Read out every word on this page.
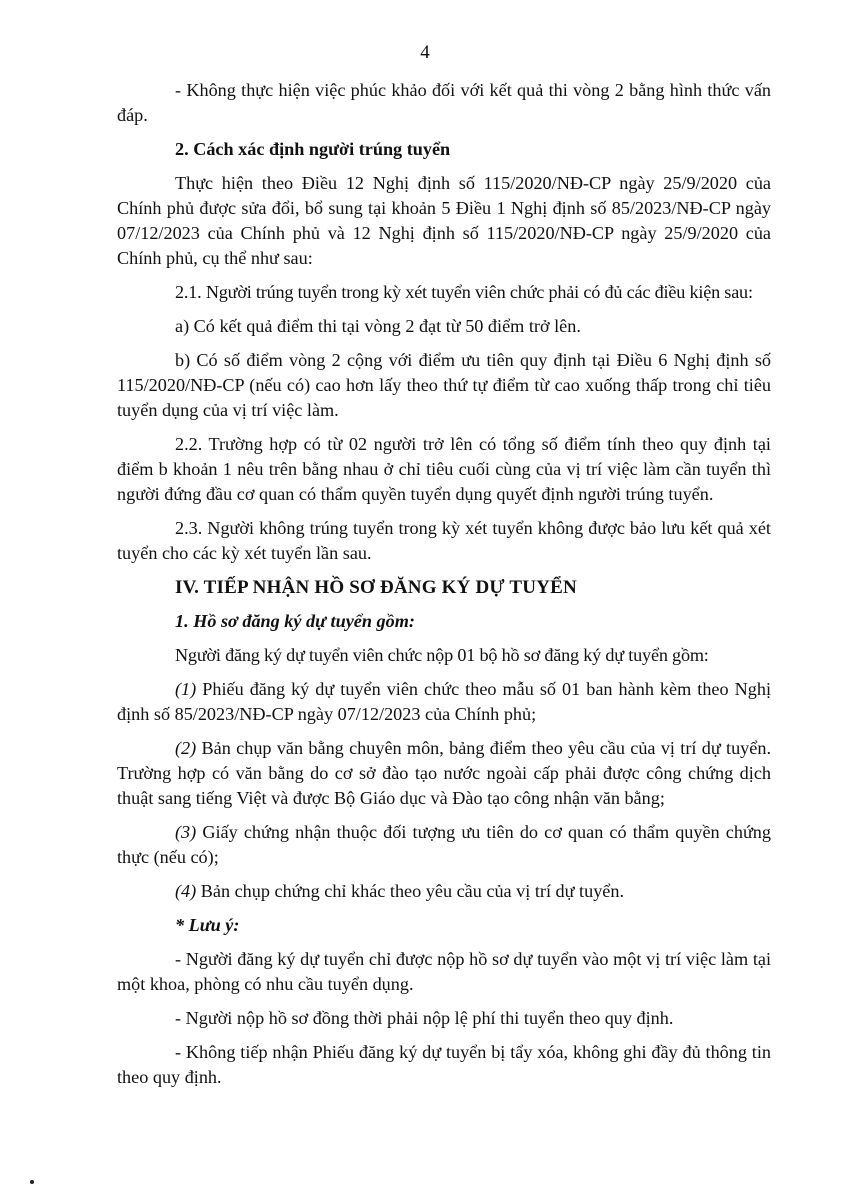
4

- Không thực hiện việc phúc khảo đối với kết quả thi vòng 2 bằng hình thức vấn đáp.

2. Cách xác định người trúng tuyển

Thực hiện theo Điều 12 Nghị định số 115/2020/NĐ-CP ngày 25/9/2020 của Chính phủ được sửa đổi, bổ sung tại khoản 5 Điều 1 Nghị định số 85/2023/NĐ-CP ngày 07/12/2023 của Chính phủ và 12 Nghị định số 115/2020/NĐ-CP ngày 25/9/2020 của Chính phủ, cụ thể như sau:

2.1. Người trúng tuyển trong kỳ xét tuyển viên chức phải có đủ các điều kiện sau:

a) Có kết quả điểm thi tại vòng 2 đạt từ 50 điểm trở lên.

b) Có số điểm vòng 2 cộng với điểm ưu tiên quy định tại Điều 6 Nghị định số 115/2020/NĐ-CP (nếu có) cao hơn lấy theo thứ tự điểm từ cao xuống thấp trong chỉ tiêu tuyển dụng của vị trí việc làm.

2.2. Trường hợp có từ 02 người trở lên có tổng số điểm tính theo quy định tại điểm b khoản 1 nêu trên bằng nhau ở chỉ tiêu cuối cùng của vị trí việc làm cần tuyển thì người đứng đầu cơ quan có thẩm quyền tuyển dụng quyết định người trúng tuyển.

2.3. Người không trúng tuyển trong kỳ xét tuyển không được bảo lưu kết quả xét tuyển cho các kỳ xét tuyển lần sau.

IV. TIẾP NHẬN HỒ SƠ ĐĂNG KÝ DỰ TUYỂN

1. Hồ sơ đăng ký dự tuyển gồm:

Người đăng ký dự tuyển viên chức nộp 01 bộ hồ sơ đăng ký dự tuyển gồm:

(1) Phiếu đăng ký dự tuyển viên chức theo mẫu số 01 ban hành kèm theo Nghị định số 85/2023/NĐ-CP ngày 07/12/2023 của Chính phủ;

(2) Bản chụp văn bằng chuyên môn, bảng điểm theo yêu cầu của vị trí dự tuyển. Trường hợp có văn bằng do cơ sở đào tạo nước ngoài cấp phải được công chứng dịch thuật sang tiếng Việt và được Bộ Giáo dục và Đào tạo công nhận văn bằng;

(3) Giấy chứng nhận thuộc đối tượng ưu tiên do cơ quan có thẩm quyền chứng thực (nếu có);

(4) Bản chụp chứng chỉ khác theo yêu cầu của vị trí dự tuyển.

* Lưu ý:

- Người đăng ký dự tuyển chỉ được nộp hồ sơ dự tuyển vào một vị trí việc làm tại một khoa, phòng có nhu cầu tuyển dụng.

- Người nộp hồ sơ đồng thời phải nộp lệ phí thi tuyển theo quy định.

- Không tiếp nhận Phiếu đăng ký dự tuyển bị tẩy xóa, không ghi đầy đủ thông tin theo quy định.
